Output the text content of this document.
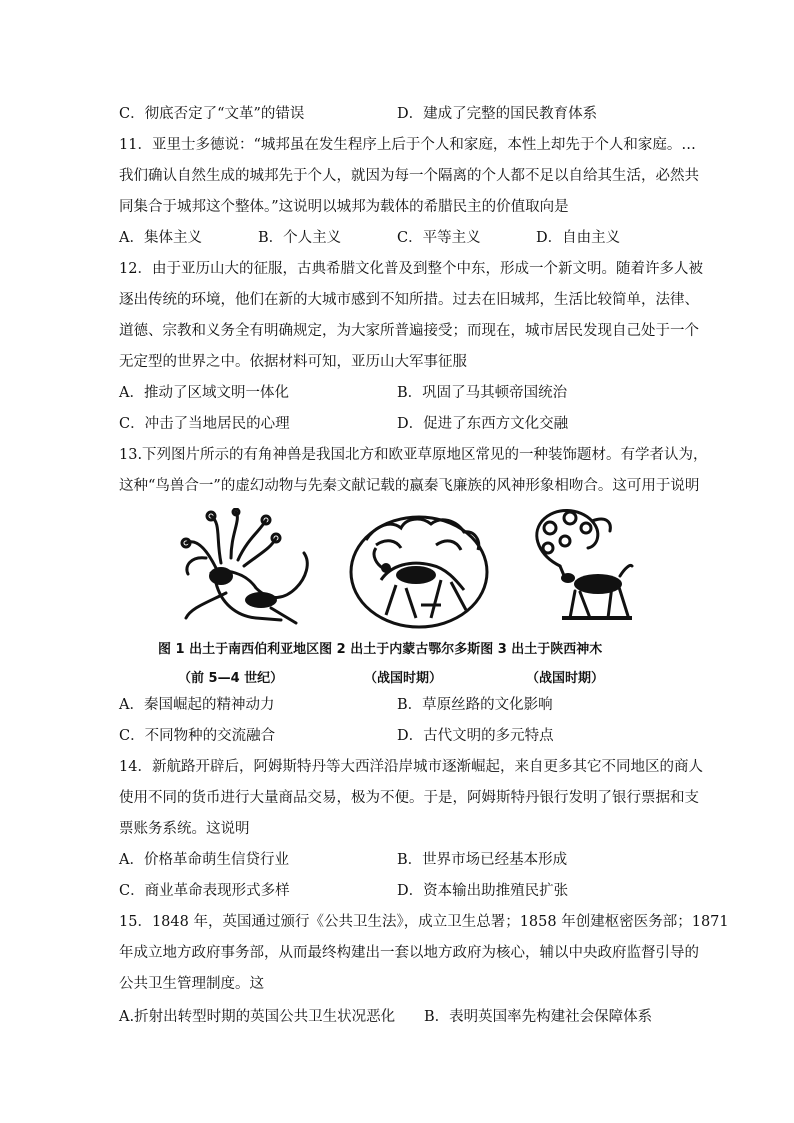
C．彻底否定了“文革”的错误	D．建成了完整的国民教育体系
11．亚里士多德说：“城邦虽在发生程序上后于个人和家庭，本性上却先于个人和家庭。…
我们确认自然生成的城邦先于个人，就因为每一个隔离的个人都不足以自给其生活，必然共
同集合于城邦这个整体。”这说明以城邦为载体的希腊民主的价值取向是
A．集体主义	B．个人主义	C．平等主义	D．自由主义
12．由于亚历山大的征服，古典希腊文化普及到整个中东，形成一个新文明。随着许多人被
逐出传统的环境，他们在新的大城市感到不知所措。过去在旧城邦，生活比较简单，法律、
道德、宗教和义务全有明确规定，为大家所普遍接受；而现在，城市居民发现自己处于一个
无定型的世界之中。依据材料可知，亚历山大军事征服
A．推动了区域文明一体化	B．巩固了马其顿帝国统治
C．冲击了当地居民的心理	D．促进了东西方文化交融
13.下列图片所示的有角神兽是我国北方和欧亚草原地区常见的一种装饰题材。有学者认为，
这种“鸟兽合一”的虚幻动物与先秦文献记载的嬴秦飞廉族的风神形象相吻合。这可用于说明
图 1 出土于南西伯利亚地区图 2 出土于内蒙古鄂尔多斯图 3 出土于陕西神木
（前 5—4 世纪）	（战国时期）	（战国时期）
A．秦国崛起的精神动力	B．草原丝路的文化影响
C．不同物种的交流融合	D．古代文明的多元特点
14．新航路开辟后，阿姆斯特丹等大西洋沿岸城市逐渐崛起，来自更多其它不同地区的商人
使用不同的货币进行大量商品交易，极为不便。于是，阿姆斯特丹银行发明了银行票据和支
票账务系统。这说明
A．价格革命萌生信贷行业	B．世界市场已经基本形成
C．商业革命表现形式多样	D．资本输出助推殖民扩张
15．1848 年，英国通过颁行《公共卫生法》，成立卫生总署；1858 年创建枢密医务部；1871
年成立地方政府事务部，从而最终构建出一套以地方政府为核心，辅以中央政府监督引导的
公共卫生管理制度。这
A.折射出转型时期的英国公共卫生状况恶化 B．表明英国率先构建社会保障体系
